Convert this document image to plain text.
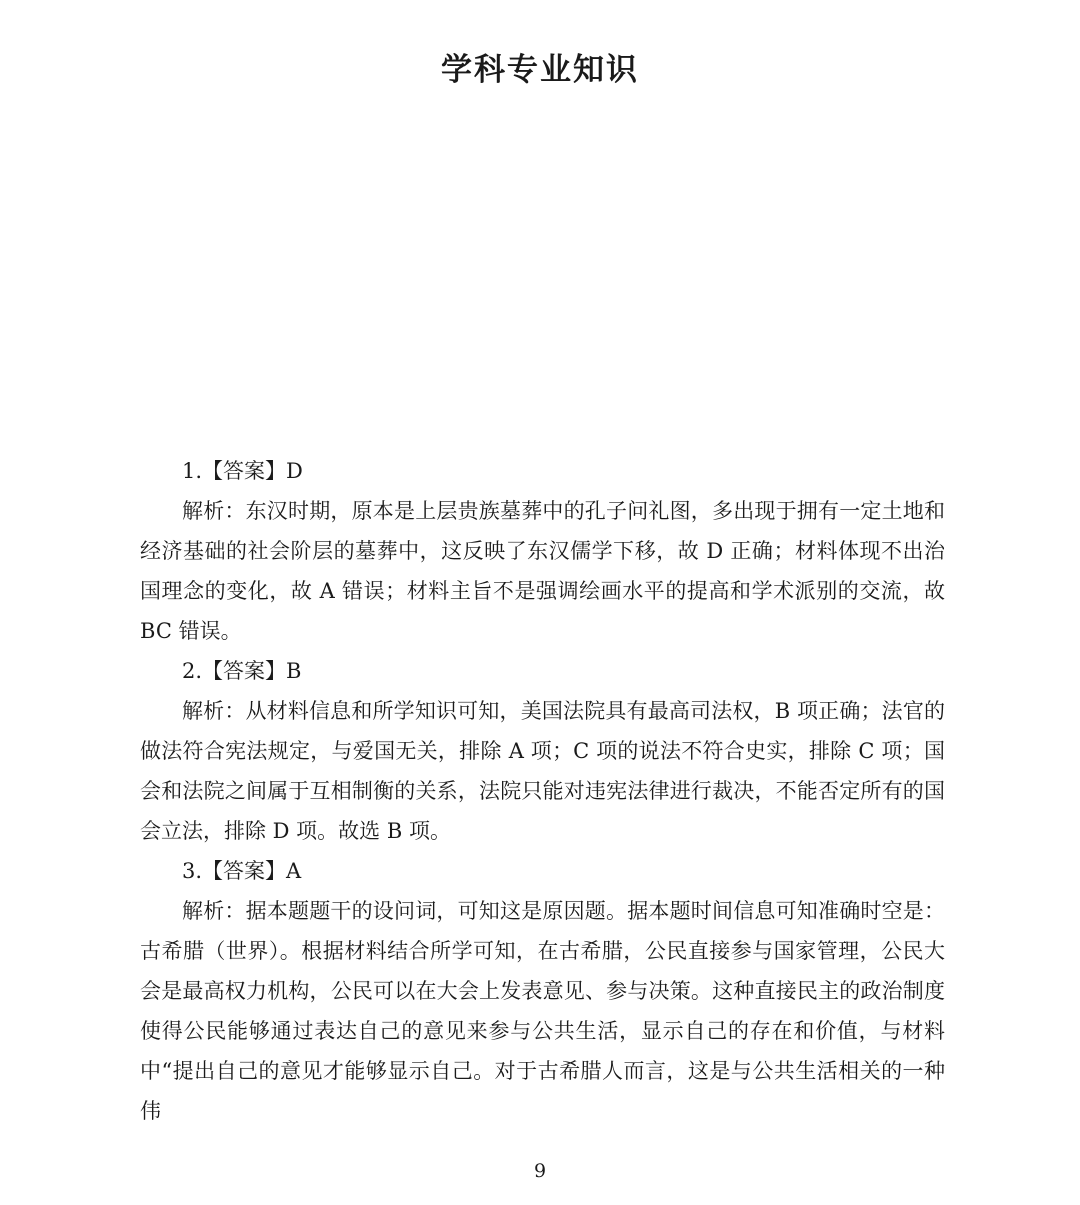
学科专业知识

1.【答案】D

解析：东汉时期，原本是上层贵族墓葬中的孔子问礼图，多出现于拥有一定土地和经济基础的社会阶层的墓葬中，这反映了东汉儒学下移，故 D 正确；材料体现不出治国理念的变化，故 A 错误；材料主旨不是强调绘画水平的提高和学术派别的交流，故 BC 错误。

2.【答案】B

解析：从材料信息和所学知识可知，美国法院具有最高司法权，B 项正确；法官的做法符合宪法规定，与爱国无关，排除 A 项；C 项的说法不符合史实，排除 C 项；国会和法院之间属于互相制衡的关系，法院只能对违宪法律进行裁决，不能否定所有的国会立法，排除 D 项。故选 B 项。

3.【答案】A

解析：据本题题干的设问词，可知这是原因题。据本题时间信息可知准确时空是：古希腊（世界）。根据材料结合所学可知，在古希腊，公民直接参与国家管理，公民大会是最高权力机构，公民可以在大会上发表意见、参与决策。这种直接民主的政治制度使得公民能够通过表达自己的意见来参与公共生活，显示自己的存在和价值，与材料中“提出自己的意见才能够显示自己。对于古希腊人而言，这是与公共生活相关的一种伟

9
